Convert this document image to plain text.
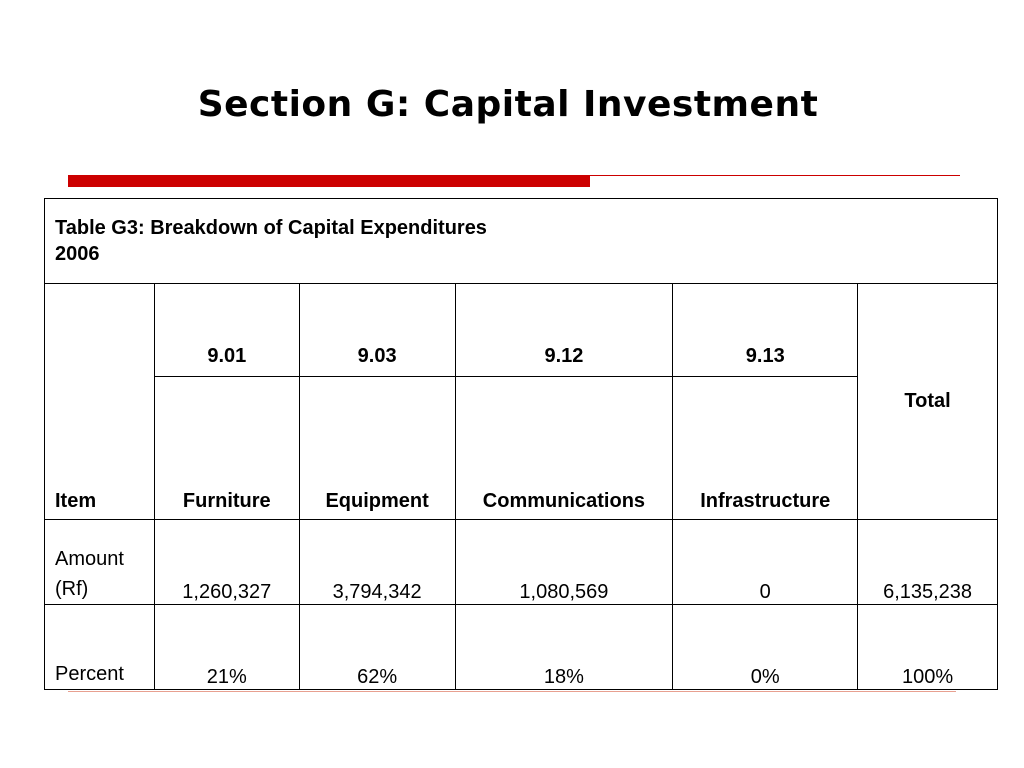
Section G: Capital Investment
Table G3: Breakdown of Capital Expenditures
2006					

Item	9.01	9.03	9.12	9.13	Total
	Furniture	Equipment	Communications	Infrastructure	
Amount
(Rf)	1,260,327	3,794,342	1,080,569	0	6,135,238
Percent	21%	62%	18%	0%	100%
